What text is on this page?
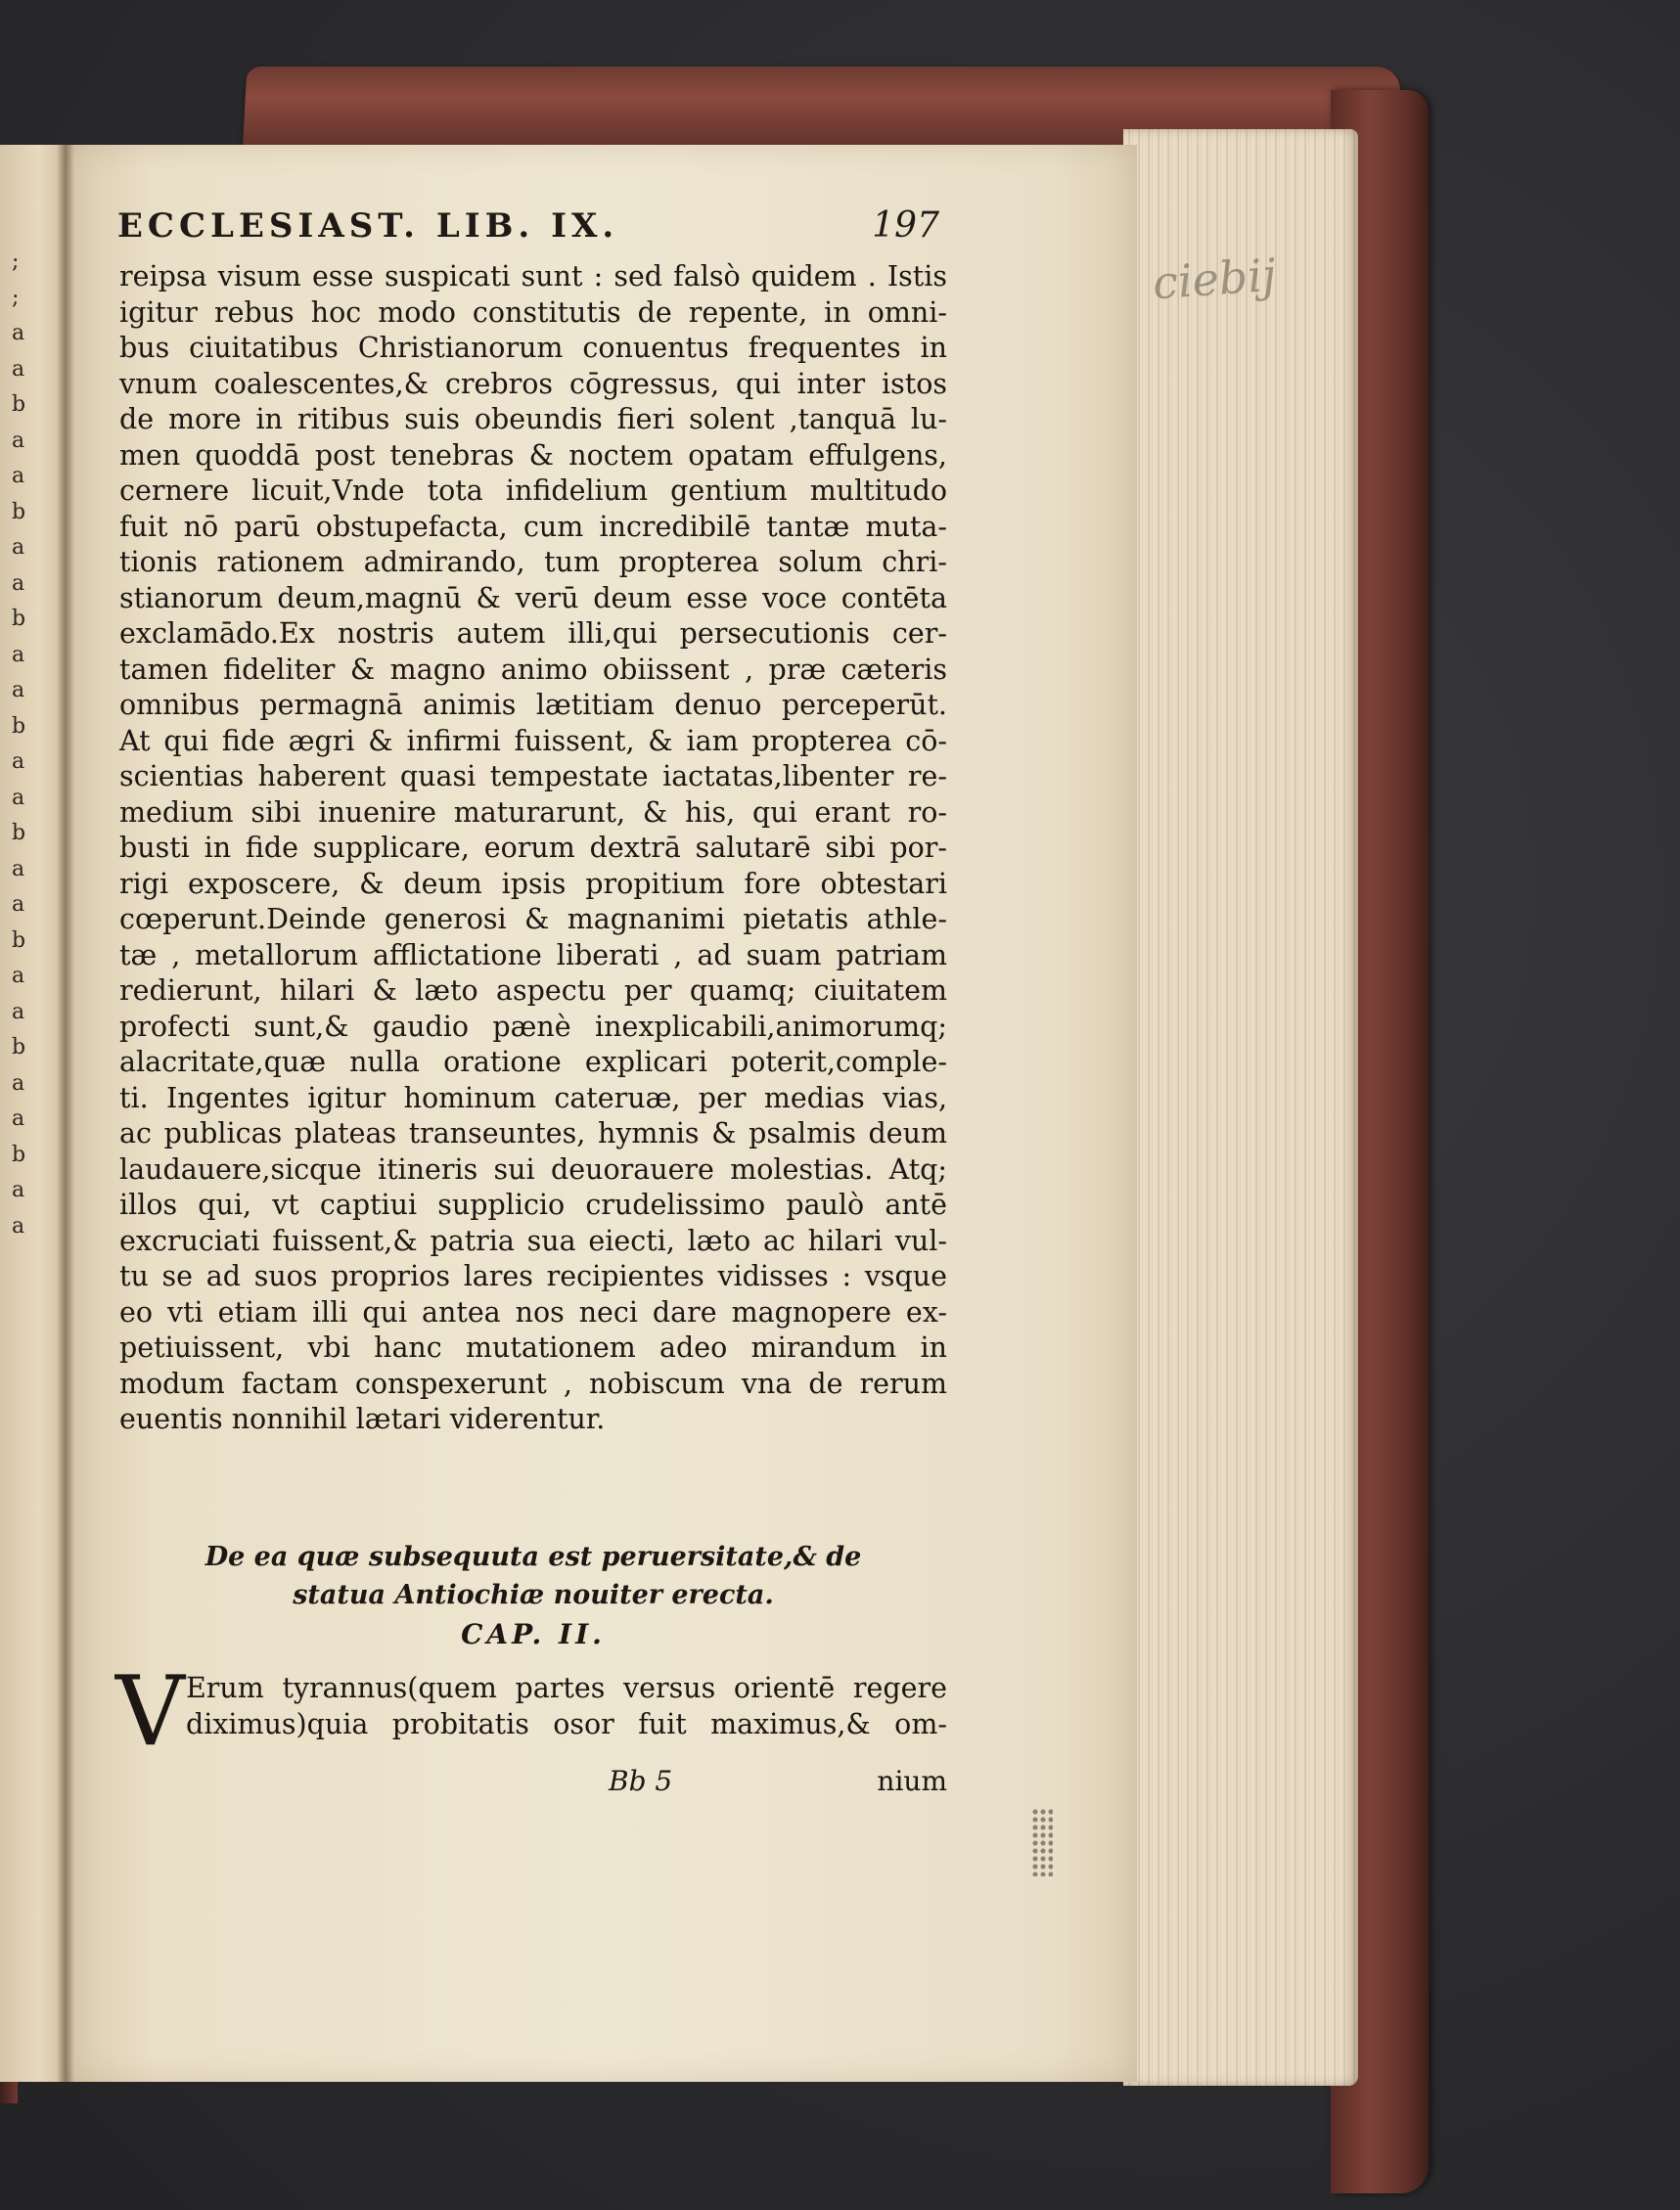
;
;
a
a
b
a
a
b
a
a
b
a
a
b
a
a
b
a
a
b
a
a
b
a
a
b
a
a
ECCLESIAST. LIB. IX.	197
ciebij
reipsa visum esse suspicati sunt : sed falsò quidem . Istis
igitur rebus hoc modo constitutis de repente, in omni-
bus ciuitatibus Christianorum conuentus frequentes in
vnum coalescentes,& crebros cōgressus, qui inter istos
de more in ritibus suis obeundis fieri solent ,tanquā lu-
men quoddā post tenebras & noctem opatam effulgens,
cernere licuit,Vnde tota infidelium gentium multitudo
fuit nō parū obstupefacta, cum incredibilē tantæ muta-
tionis rationem admirando, tum propterea solum chri-
stianorum deum,magnū & verū deum esse voce contēta
exclamādo.Ex nostris autem illi,qui persecutionis cer-
tamen fideliter & magno animo obiissent , præ cæteris
omnibus permagnā animis lætitiam denuo perceperūt.
At qui fide ægri & infirmi fuissent, & iam propterea cō-
scientias haberent quasi tempestate iactatas,libenter re-
medium sibi inuenire maturarunt, & his, qui erant ro-
busti in fide supplicare, eorum dextrā salutarē sibi por-
rigi exposcere, & deum ipsis propitium fore obtestari
cœperunt.Deinde generosi & magnanimi pietatis athle-
tæ , metallorum afflictatione liberati , ad suam patriam
redierunt, hilari & læto aspectu per quamq; ciuitatem
profecti sunt,& gaudio pænè inexplicabili,animorumq;
alacritate,quæ nulla oratione explicari poterit,comple-
ti. Ingentes igitur hominum cateruæ, per medias vias,
ac publicas plateas transeuntes, hymnis & psalmis deum
laudauere,sicque itineris sui deuorauere molestias. Atq;
illos qui, vt captiui supplicio crudelissimo paulò antē
excruciati fuissent,& patria sua eiecti, læto ac hilari vul-
tu se ad suos proprios lares recipientes vidisses : vsque
eo vti etiam illi qui antea nos neci dare magnopere ex-
petiuissent, vbi hanc mutationem adeo mirandum in
modum factam conspexerunt , nobiscum vna de rerum
euentis nonnihil lætari viderentur.
De ea quæ subsequuta est peruersitate,& de
statua Antiochiæ nouiter erecta.
CAP. II.
V Erum tyrannus(quem partes versus orientē regere
diximus)quia probitatis osor fuit maximus,& om-
Bb 5	nium
